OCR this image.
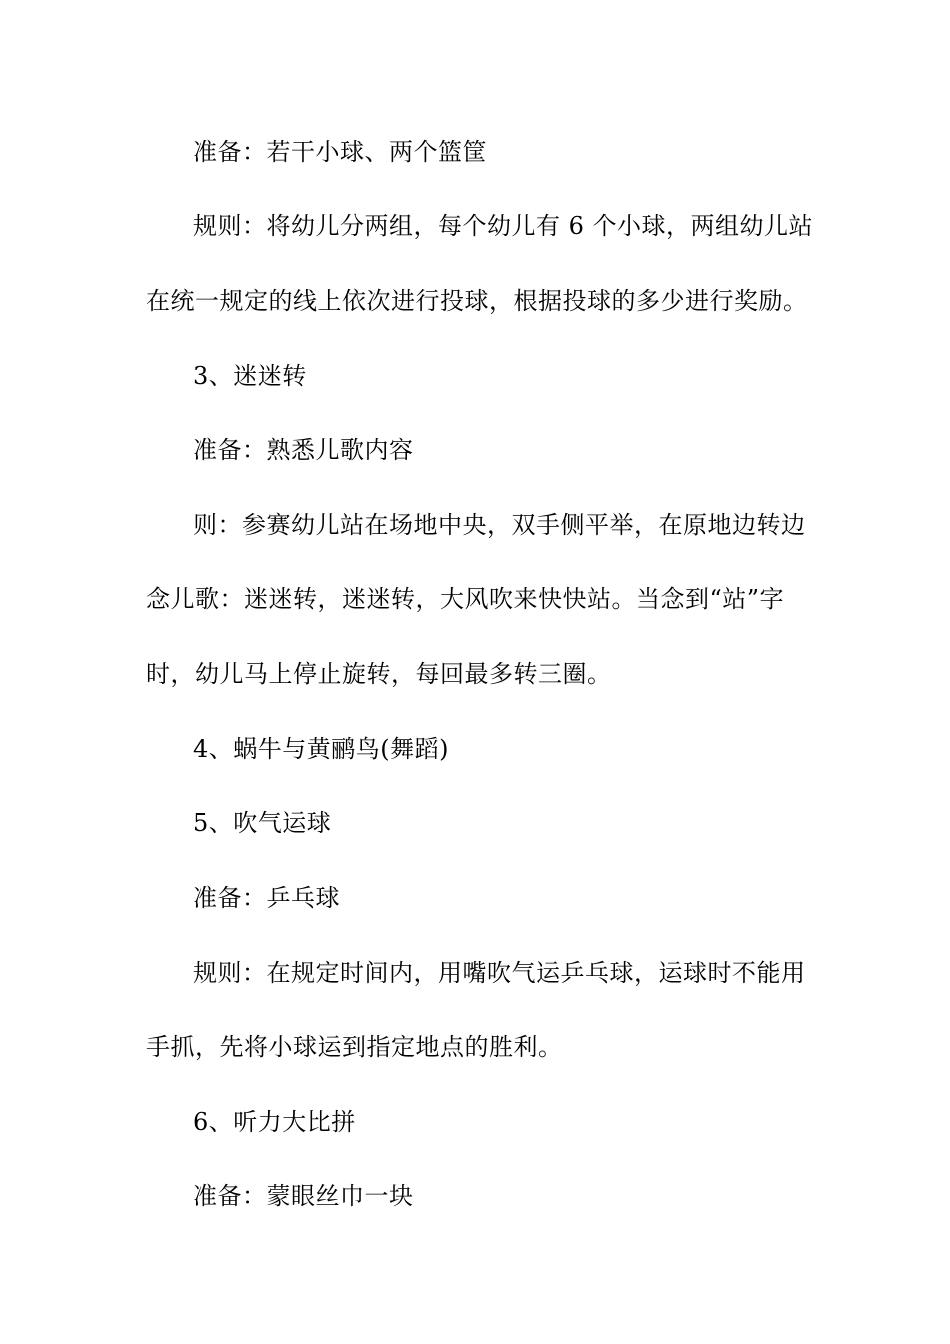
准备：若干小球、两个篮筐

规则：将幼儿分两组，每个幼儿有 6 个小球，两组幼儿站

在统一规定的线上依次进行投球，根据投球的多少进行奖励。

3、迷迷转

准备：熟悉儿歌内容

则：参赛幼儿站在场地中央，双手侧平举，在原地边转边

念儿歌：迷迷转，迷迷转，大风吹来快快站。当念到“站”字

时，幼儿马上停止旋转，每回最多转三圈。

4、蜗牛与黄鹂鸟(舞蹈)

5、吹气运球

准备：乒乓球

规则：在规定时间内，用嘴吹气运乒乓球，运球时不能用

手抓，先将小球运到指定地点的胜利。

6、听力大比拼

准备：蒙眼丝巾一块
